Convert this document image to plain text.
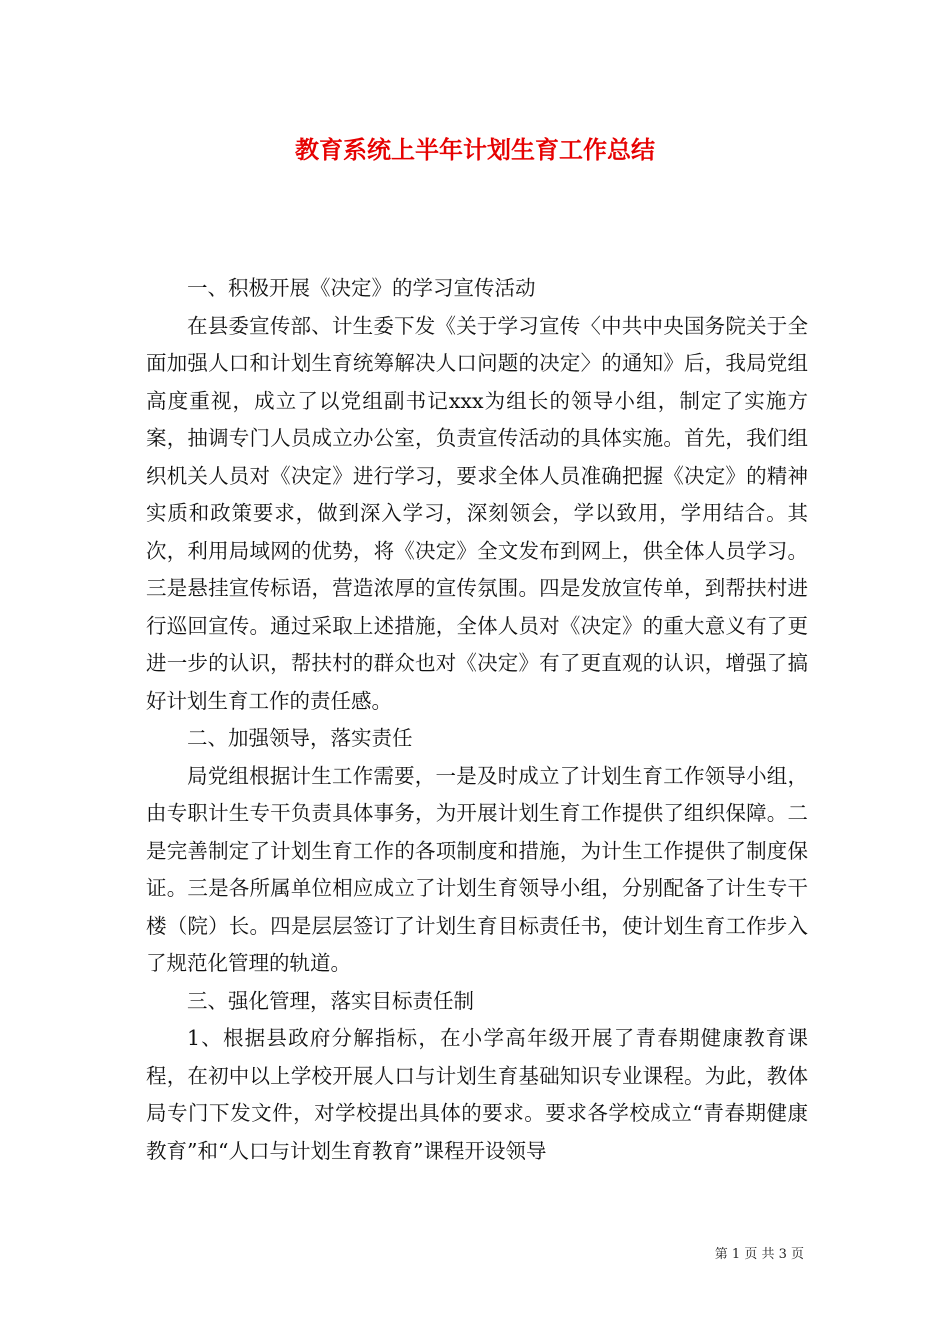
教育系统上半年计划生育工作总结

一、积极开展《决定》的学习宣传活动

在县委宣传部、计生委下发《关于学习宣传〈中共中央国务院关于全面加强人口和计划生育统筹解决人口问题的决定〉的通知》后，我局党组高度重视，成立了以党组副书记xxx为组长的领导小组，制定了实施方案，抽调专门人员成立办公室，负责宣传活动的具体实施。首先，我们组织机关人员对《决定》进行学习，要求全体人员准确把握《决定》的精神实质和政策要求，做到深入学习，深刻领会，学以致用，学用结合。其次，利用局域网的优势，将《决定》全文发布到网上，供全体人员学习。三是悬挂宣传标语，营造浓厚的宣传氛围。四是发放宣传单，到帮扶村进行巡回宣传。通过采取上述措施，全体人员对《决定》的重大意义有了更进一步的认识，帮扶村的群众也对《决定》有了更直观的认识，增强了搞好计划生育工作的责任感。

二、加强领导，落实责任

局党组根据计生工作需要，一是及时成立了计划生育工作领导小组，由专职计生专干负责具体事务，为开展计划生育工作提供了组织保障。二是完善制定了计划生育工作的各项制度和措施，为计生工作提供了制度保证。三是各所属单位相应成立了计划生育领导小组，分别配备了计生专干楼（院）长。四是层层签订了计划生育目标责任书，使计划生育工作步入了规范化管理的轨道。

三、强化管理，落实目标责任制

1、根据县政府分解指标，在小学高年级开展了青春期健康教育课程，在初中以上学校开展人口与计划生育基础知识专业课程。为此，教体局专门下发文件，对学校提出具体的要求。要求各学校成立“青春期健康教育”和“人口与计划生育教育”课程开设领导

第 1 页 共 3 页
